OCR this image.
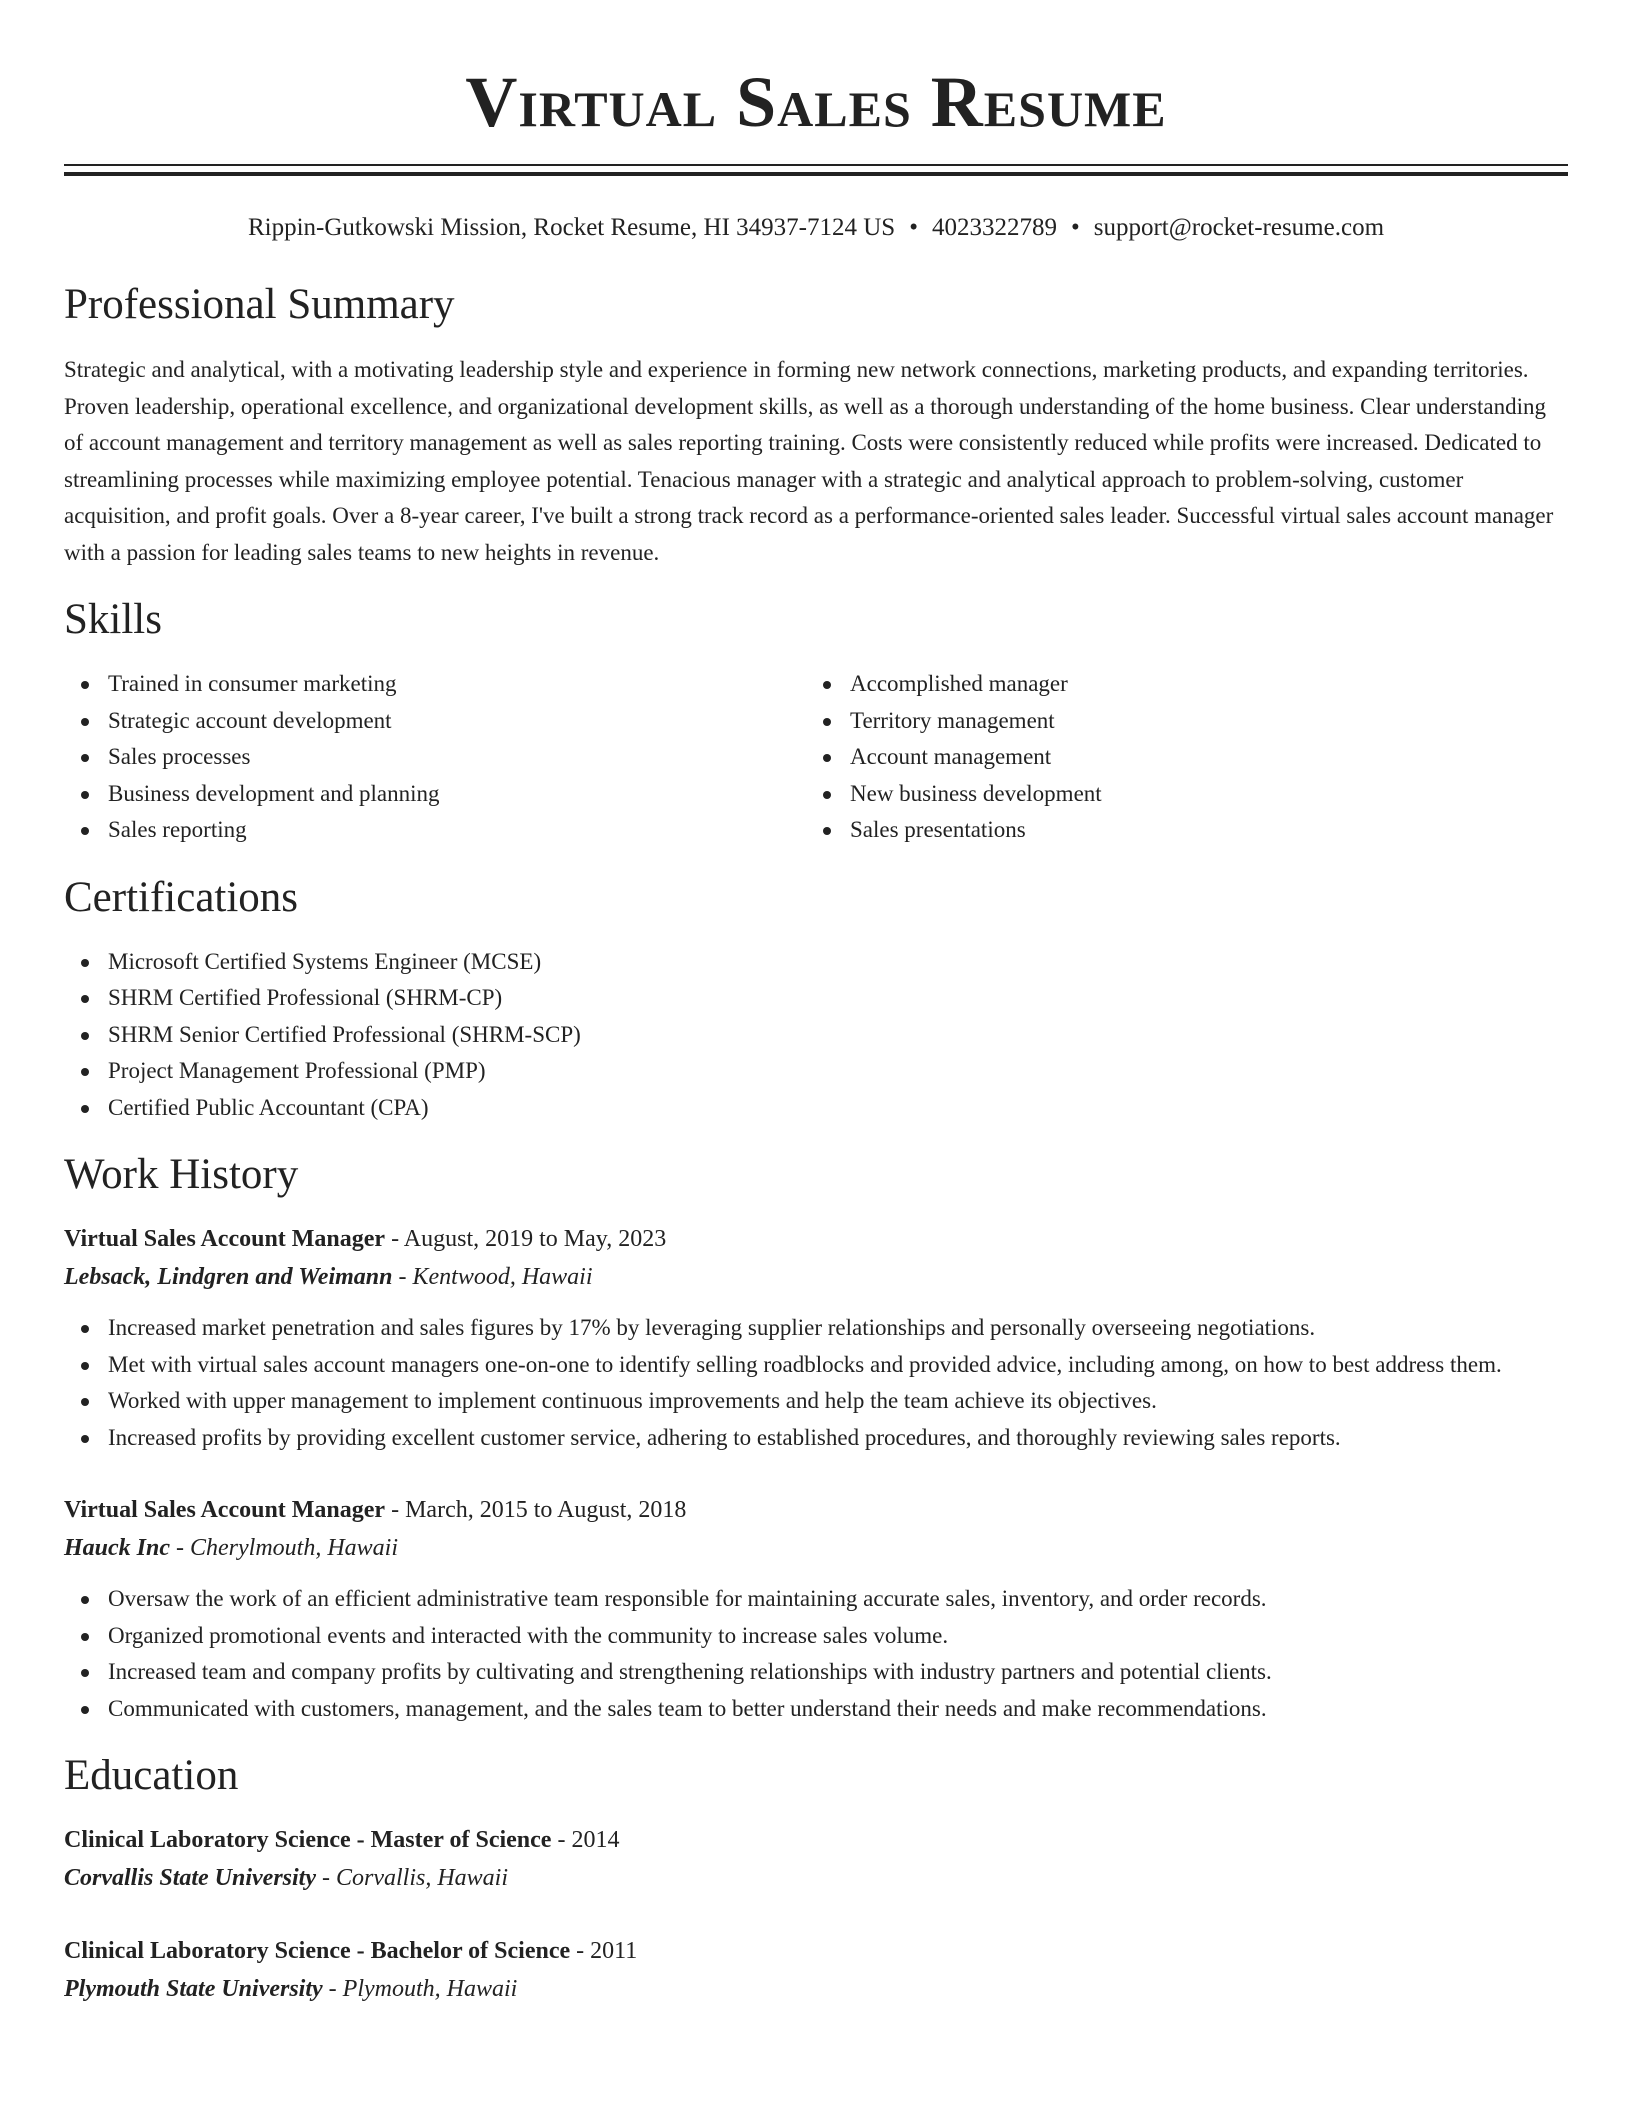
Virtual Sales Resume
Rippin-Gutkowski Mission, Rocket Resume, HI 34937-7124 US • 4023322789 • support@rocket-resume.com
Professional Summary

Strategic and analytical, with a motivating leadership style and experience in forming new network connections, marketing products, and expanding territories. Proven leadership, operational excellence, and organizational development skills, as well as a thorough understanding of the home business. Clear understanding of account management and territory management as well as sales reporting training. Costs were consistently reduced while profits were increased. Dedicated to streamlining processes while maximizing employee potential. Tenacious manager with a strategic and analytical approach to problem-solving, customer acquisition, and profit goals. Over a 8-year career, I've built a strong track record as a performance-oriented sales leader. Successful virtual sales account manager with a passion for leading sales teams to new heights in revenue.

Skills
Trained in consumer marketing
Strategic account development
Sales processes
Business development and planning
Sales reporting
Accomplished manager
Territory management
Account management
New business development
Sales presentations
Certifications
Microsoft Certified Systems Engineer (MCSE)
SHRM Certified Professional (SHRM-CP)
SHRM Senior Certified Professional (SHRM-SCP)
Project Management Professional (PMP)
Certified Public Accountant (CPA)
Work History
Virtual Sales Account Manager - August, 2019 to May, 2023
Lebsack, Lindgren and Weimann - Kentwood, Hawaii
Increased market penetration and sales figures by 17% by leveraging supplier relationships and personally overseeing negotiations.
Met with virtual sales account managers one-on-one to identify selling roadblocks and provided advice, including among, on how to best address them.
Worked with upper management to implement continuous improvements and help the team achieve its objectives.
Increased profits by providing excellent customer service, adhering to established procedures, and thoroughly reviewing sales reports.
Virtual Sales Account Manager - March, 2015 to August, 2018
Hauck Inc - Cherylmouth, Hawaii
Oversaw the work of an efficient administrative team responsible for maintaining accurate sales, inventory, and order records.
Organized promotional events and interacted with the community to increase sales volume.
Increased team and company profits by cultivating and strengthening relationships with industry partners and potential clients.
Communicated with customers, management, and the sales team to better understand their needs and make recommendations.
Education
Clinical Laboratory Science - Master of Science - 2014
Corvallis State University - Corvallis, Hawaii
Clinical Laboratory Science - Bachelor of Science - 2011
Plymouth State University - Plymouth, Hawaii
